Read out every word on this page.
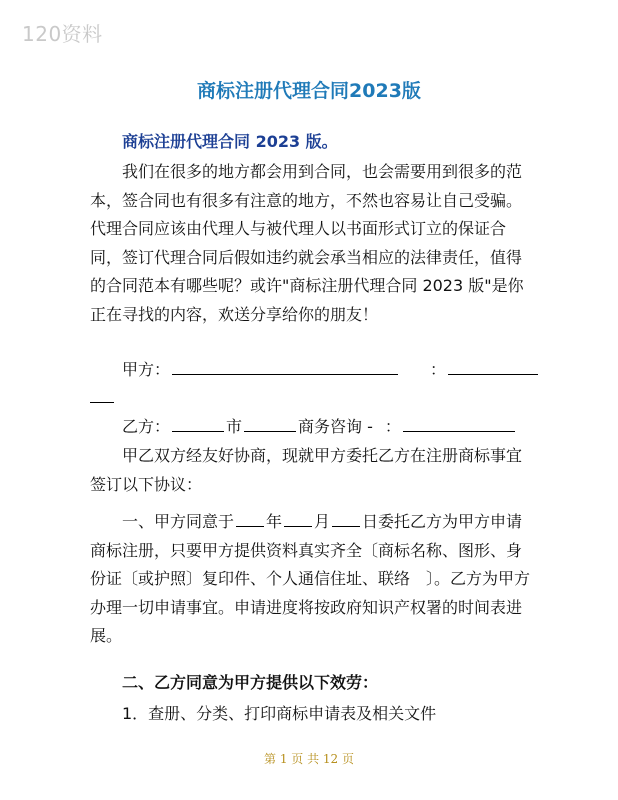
120资料
商标注册代理合同2023版
商标注册代理合同 2023 版。

我们在很多的地方都会用到合同，也会需要用到很多的范本，签合同也有很多有注意的地方，不然也容易让自己受骗。代理合同应该由代理人与被代理人以书面形式订立的保证合同，签订代理合同后假如违约就会承当相应的法律责任，值得的合同范本有哪些呢？或许"商标注册代理合同 2023 版"是你正在寻找的内容，欢送分享给你的朋友！

甲方：	：
乙方：	市	商务咨询 - ：

甲乙双方经友好协商，现就甲方委托乙方在注册商标事宜签订以下协议：

一、甲方同意于 年 月 日委托乙方为甲方申请商标注册，只要甲方提供资料真实齐全〔商标名称、图形、身份证〔或护照〕复印件、个人通信住址、联络　〕。乙方为甲方办理一切申请事宜。申请进度将按政府知识产权署的时间表进展。

二、乙方同意为甲方提供以下效劳：

1．查册、分类、打印商标申请表及相关文件

第 1 页 共 12 页
